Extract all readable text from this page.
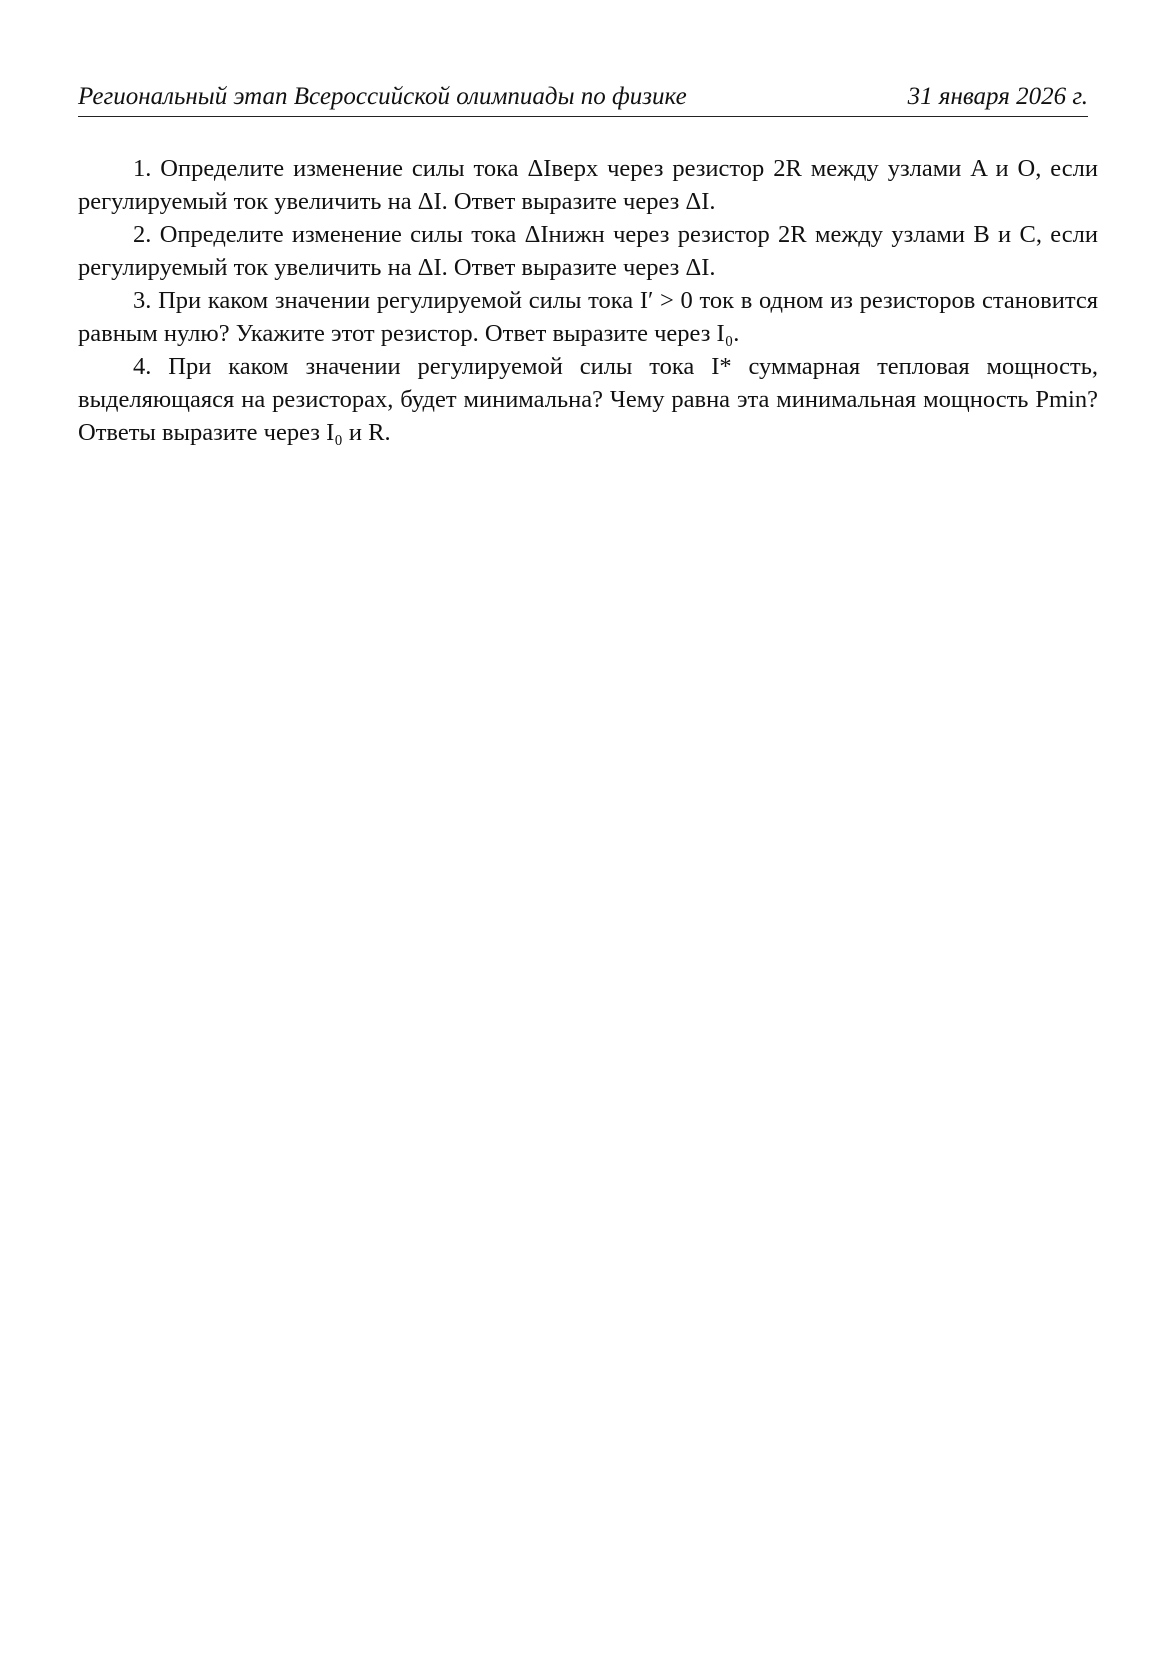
Региональный этап Всероссийской олимпиады по физике	31 января 2026 г.

1. Определите изменение силы тока ΔIверх через резистор 2R между узлами A и O, если регулируемый ток увеличить на ΔI. Ответ выразите через ΔI.

2. Определите изменение силы тока ΔIнижн через резистор 2R между узлами B и C, если регулируемый ток увеличить на ΔI. Ответ выразите через ΔI.

3. При каком значении регулируемой силы тока I′ > 0 ток в одном из резисторов становится равным нулю? Укажите этот резистор. Ответ выразите через I₀.

4. При каком значении регулируемой силы тока I* суммарная тепловая мощность, выделяющаяся на резисторах, будет минимальна? Чему равна эта минимальная мощность Pmin? Ответы выразите через I₀ и R.
